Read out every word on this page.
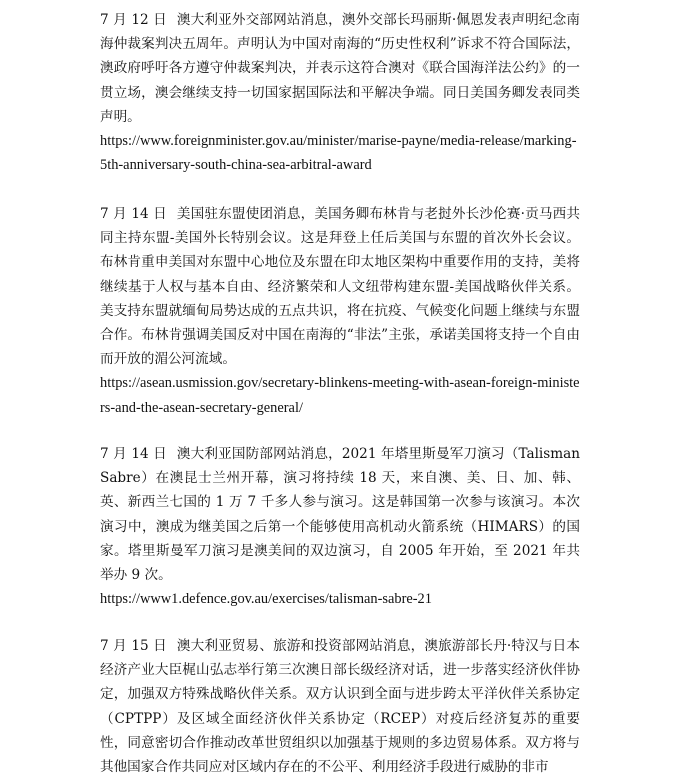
7 月 12 日 澳大利亚外交部网站消息，澳外交部长玛丽斯·佩恩发表声明纪念南海仲裁案判决五周年。声明认为中国对南海的“历史性权利”诉求不符合国际法，澳政府呼吁各方遵守仲裁案判决，并表示这符合澳对《联合国海洋法公约》的一贯立场，澳会继续支持一切国家据国际法和平解决争端。同日美国务卿发表同类声明。

https://www.foreignminister.gov.au/minister/marise-payne/media-release/marking-5th-anniversary-south-china-sea-arbitral-award

7 月 14 日 美国驻东盟使团消息，美国务卿布林肯与老挝外长沙伦赛·贡马西共同主持东盟-美国外长特别会议。这是拜登上任后美国与东盟的首次外长会议。布林肯重申美国对东盟中心地位及东盟在印太地区架构中重要作用的支持，美将继续基于人权与基本自由、经济繁荣和人文纽带构建东盟-美国战略伙伴关系。美支持东盟就缅甸局势达成的五点共识，将在抗疫、气候变化问题上继续与东盟合作。布林肯强调美国反对中国在南海的“非法”主张，承诺美国将支持一个自由而开放的湄公河流域。

https://asean.usmission.gov/secretary-blinkens-meeting-with-asean-foreign-ministers-and-the-asean-secretary-general/

7 月 14 日 澳大利亚国防部网站消息，2021 年塔里斯曼军刀演习（Talisman Sabre）在澳昆士兰州开幕，演习将持续 18 天，来自澳、美、日、加、韩、英、新西兰七国的 1 万 7 千多人参与演习。这是韩国第一次参与该演习。本次演习中，澳成为继美国之后第一个能够使用高机动火箭系统（HIMARS）的国家。塔里斯曼军刀演习是澳美间的双边演习，自 2005 年开始，至 2021 年共举办 9 次。

https://www1.defence.gov.au/exercises/talisman-sabre-21

7 月 15 日 澳大利亚贸易、旅游和投资部网站消息，澳旅游部长丹·特汉与日本经济产业大臣梶山弘志举行第三次澳日部长级经济对话，进一步落实经济伙伴协定，加强双方特殊战略伙伴关系。双方认识到全面与进步跨太平洋伙伴关系协定（CPTPP）及区域全面经济伙伴关系协定（RCEP）对疫后经济复苏的重要性，同意密切合作推动改革世贸组织以加强基于规则的多边贸易体系。双方将与其他国家合作共同应对区域内存在的不公平、利用经济手段进行威胁的非市
